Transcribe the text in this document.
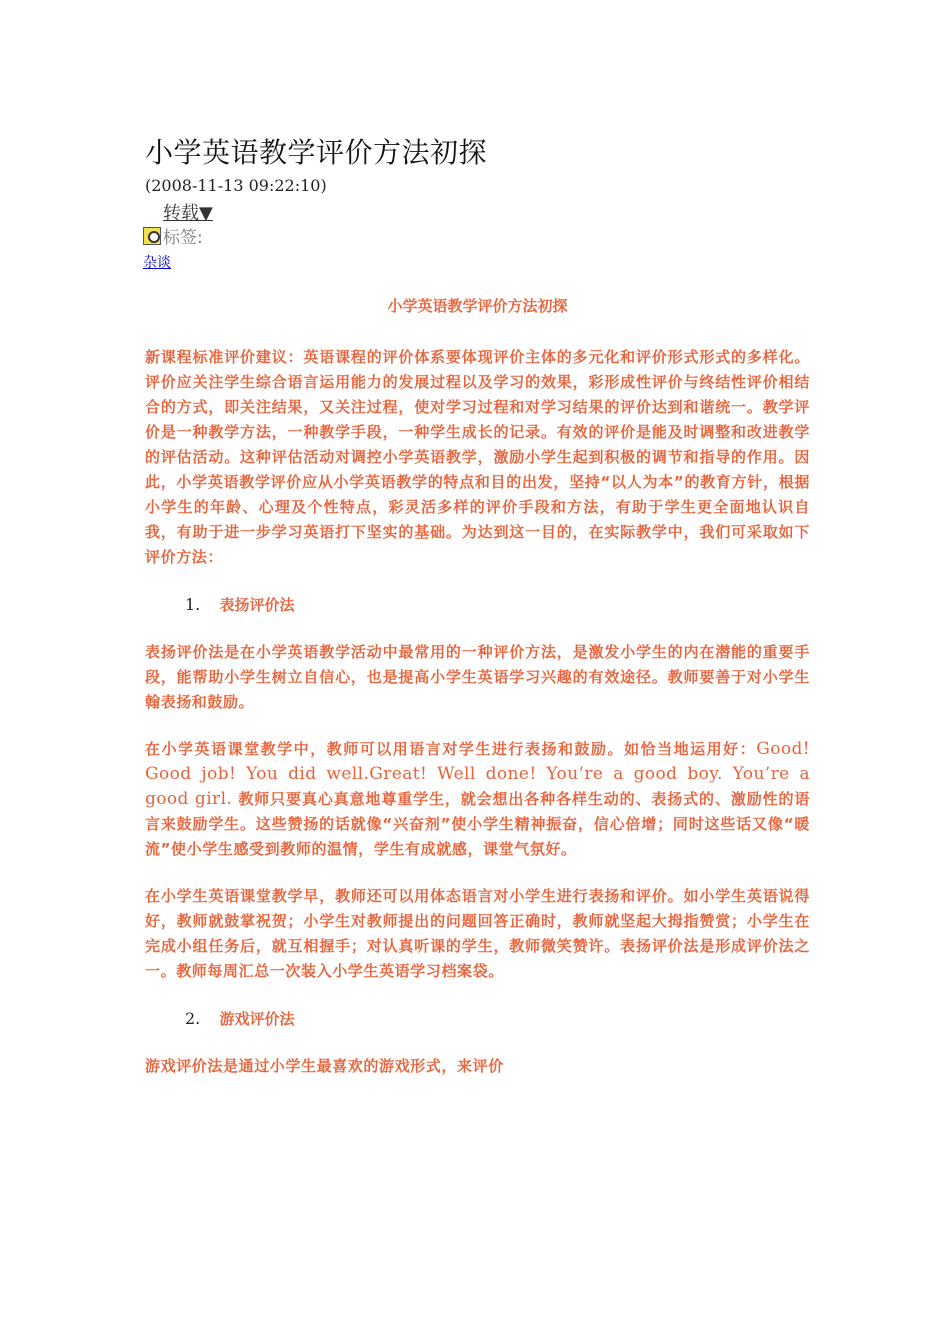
小学英语教学评价方法初探
(2008-11-13 09:22:10)
转载▼
标签:
杂谈
小学英语教学评价方法初探

新课程标准评价建议：英语课程的评价体系要体现评价主体的多元化和评价形式形式的多样化。评价应关注学生综合语言运用能力的发展过程以及学习的效果，彩形成性评价与终结性评价相结合的方式，即关注结果，又关注过程，使对学习过程和对学习结果的评价达到和谐统一。教学评价是一种教学方法，一种教学手段，一种学生成长的记录。有效的评价是能及时调整和改进教学的评估活动。这种评估活动对调控小学英语教学，激励小学生起到积极的调节和指导的作用。因此，小学英语教学评价应从小学英语教学的特点和目的出发，坚持“以人为本”的教育方针，根据小学生的年龄、心理及个性特点，彩灵活多样的评价手段和方法，有助于学生更全面地认识自我，有助于进一步学习英语打下坚实的基础。为达到这一目的，在实际教学中，我们可采取如下评价方法：

1. 表扬评价法

表扬评价法是在小学英语教学活动中最常用的一种评价方法，是激发小学生的内在潜能的重要手段，能帮助小学生树立自信心，也是提高小学生英语学习兴趣的有效途径。教师要善于对小学生翰表扬和鼓励。

在小学英语课堂教学中，教师可以用语言对学生进行表扬和鼓励。如恰当地运用好：Good! Good job! You did well.Great! Well done! You’re a good boy. You’re a good girl. 教师只要真心真意地尊重学生，就会想出各种各样生动的、表扬式的、激励性的语言来鼓励学生。这些赞扬的话就像“兴奋剂”使小学生精神振奋，信心倍增；同时这些话又像“暖流”使小学生感受到教师的温情，学生有成就感，课堂气氛好。

在小学生英语课堂教学早，教师还可以用体态语言对小学生进行表扬和评价。如小学生英语说得好，教师就鼓掌祝贺；小学生对教师提出的问题回答正确时，教师就坚起大拇指赞赏；小学生在完成小组任务后，就互相握手；对认真听课的学生，教师微笑赞许。表扬评价法是形成评价法之一。教师每周汇总一次装入小学生英语学习档案袋。

2. 游戏评价法

游戏评价法是通过小学生最喜欢的游戏形式，来评价
